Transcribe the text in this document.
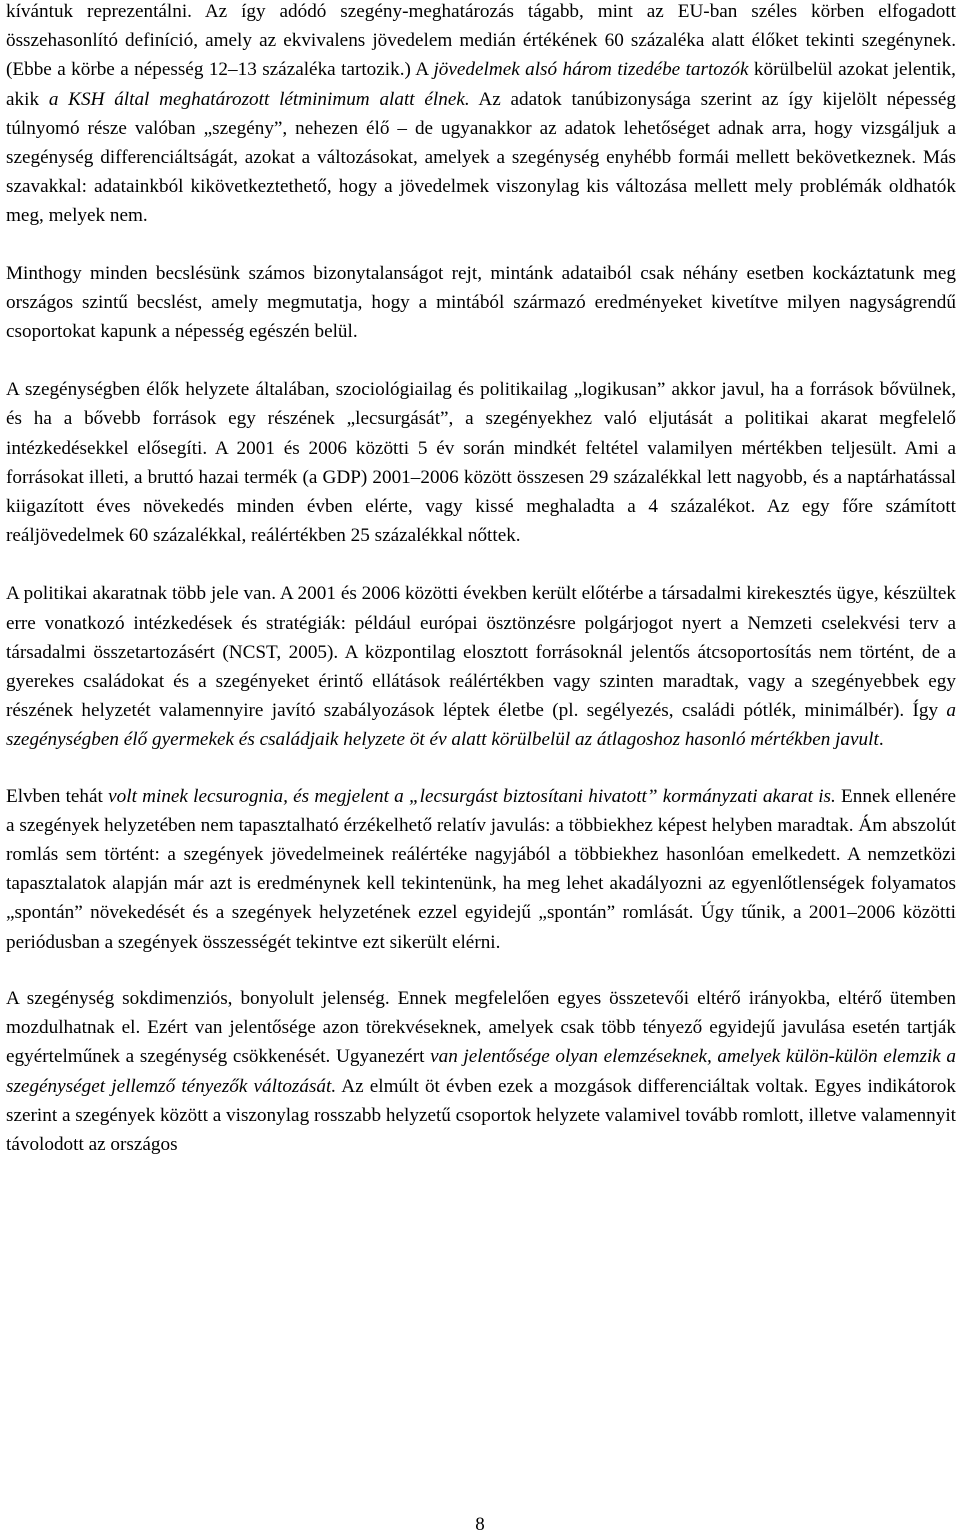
kívántuk reprezentálni. Az így adódó szegény-meghatározás tágabb, mint az EU-ban széles körben elfogadott összehasonlító definíció, amely az ekvivalens jövedelem medián értékének 60 százaléka alatt élőket tekinti szegénynek. (Ebbe a körbe a népesség 12–13 százaléka tartozik.) A jövedelmek alsó három tizedébe tartozók körülbelül azokat jelentik, akik a KSH által meghatározott létminimum alatt élnek. Az adatok tanúbizonysága szerint az így kijelölt népesség túlnyomó része valóban „szegény”, nehezen élő – de ugyanakkor az adatok lehetőséget adnak arra, hogy vizsgáljuk a szegénység differenciáltságát, azokat a változásokat, amelyek a szegénység enyhébb formái mellett bekövetkeznek. Más szavakkal: adatainkból kikövetkeztethető, hogy a jövedelmek viszonylag kis változása mellett mely problémák oldhatók meg, melyek nem.

Minthogy minden becslésünk számos bizonytalanságot rejt, mintánk adataiból csak néhány esetben kockáztatunk meg országos szintű becslést, amely megmutatja, hogy a mintából származó eredményeket kivetítve milyen nagyságrendű csoportokat kapunk a népesség egészén belül.

A szegénységben élők helyzete általában, szociológiailag és politikailag „logikusan” akkor javul, ha a források bővülnek, és ha a bővebb források egy részének „lecsurgását”, a szegényekhez való eljutását a politikai akarat megfelelő intézkedésekkel elősegíti. A 2001 és 2006 közötti 5 év során mindkét feltétel valamilyen mértékben teljesült. Ami a forrásokat illeti, a bruttó hazai termék (a GDP) 2001–2006 között összesen 29 százalékkal lett nagyobb, és a naptárhatással kiigazított éves növekedés minden évben elérte, vagy kissé meghaladta a 4 százalékot. Az egy főre számított reáljövedelmek 60 százalékkal, reálértékben 25 százalékkal nőttek.

A politikai akaratnak több jele van. A 2001 és 2006 közötti években került előtérbe a társadalmi kirekesztés ügye, készültek erre vonatkozó intézkedések és stratégiák: például európai ösztönzésre polgárjogot nyert a Nemzeti cselekvési terv a társadalmi összetartozásért (NCST, 2005). A központilag elosztott forrásoknál jelentős átcsoportosítás nem történt, de a gyerekes családokat és a szegényeket érintő ellátások reálértékben vagy szinten maradtak, vagy a szegényebbek egy részének helyzetét valamennyire javító szabályozások léptek életbe (pl. segélyezés, családi pótlék, minimálbér). Így a szegénységben élő gyermekek és családjaik helyzete öt év alatt körülbelül az átlagoshoz hasonló mértékben javult.

Elvben tehát volt minek lecsurognia, és megjelent a „lecsurgást biztosítani hivatott” kormányzati akarat is. Ennek ellenére a szegények helyzetében nem tapasztalható érzékelhető relatív javulás: a többiekhez képest helyben maradtak. Ám abszolút romlás sem történt: a szegények jövedelmeinek reálértéke nagyjából a többiekhez hasonlóan emelkedett. A nemzetközi tapasztalatok alapján már azt is eredménynek kell tekintenünk, ha meg lehet akadályozni az egyenlőtlenségek folyamatos „spontán” növekedését és a szegények helyzetének ezzel egyidejű „spontán” romlását. Úgy tűnik, a 2001–2006 közötti periódusban a szegények összességét tekintve ezt sikerült elérni.

A szegénység sokdimenziós, bonyolult jelenség. Ennek megfelelően egyes összetevői eltérő irányokba, eltérő ütemben mozdulhatnak el. Ezért van jelentősége azon törekvéseknek, amelyek csak több tényező egyidejű javulása esetén tartják egyértelműnek a szegénység csökkenését. Ugyanezért van jelentősége olyan elemzéseknek, amelyek külön-külön elemzik a szegénységet jellemző tényezők változását. Az elmúlt öt évben ezek a mozgások differenciáltak voltak. Egyes indikátorok szerint a szegények között a viszonylag rosszabb helyzetű csoportok helyzete valamivel tovább romlott, illetve valamennyit távolodott az országos

8
